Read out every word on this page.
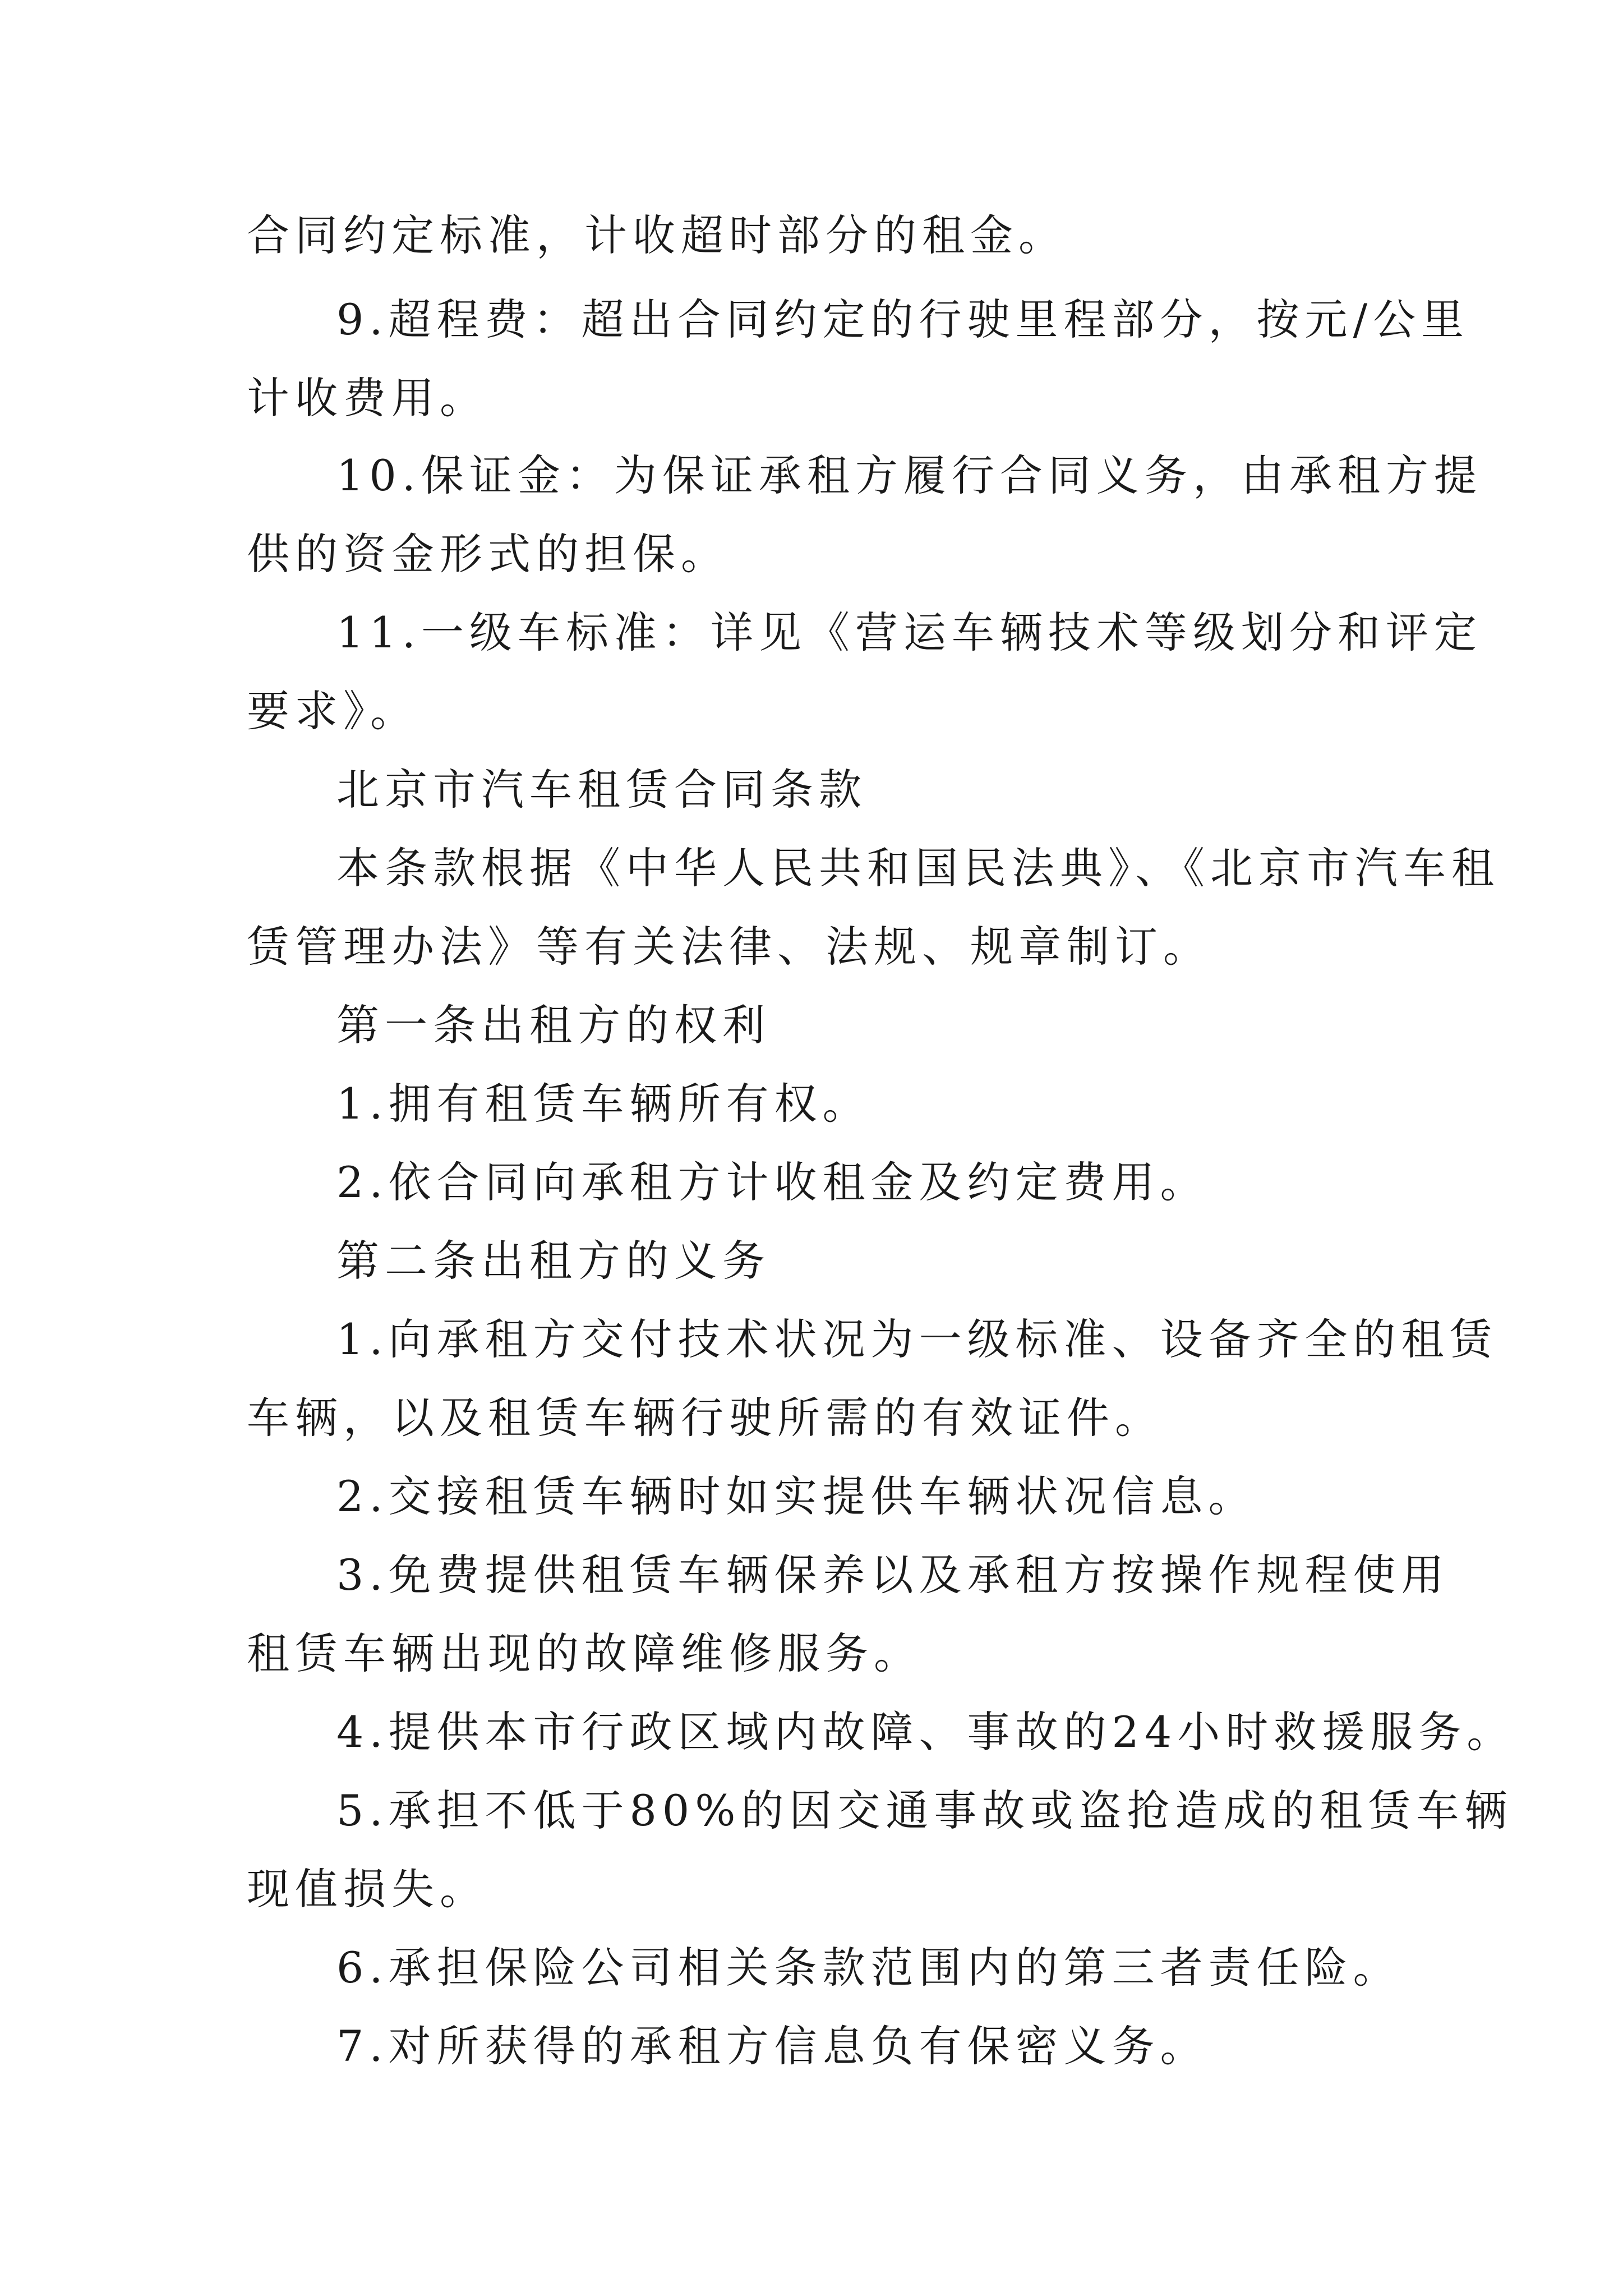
合同约定标准，计收超时部分的租金。

9.超程费：超出合同约定的行驶里程部分，按元/公里

计收费用。

10.保证金：为保证承租方履行合同义务，由承租方提

供的资金形式的担保。

11.一级车标准：详见《营运车辆技术等级划分和评定

要求》。

北京市汽车租赁合同条款

本条款根据《中华人民共和国民法典》、《北京市汽车租

赁管理办法》等有关法律、法规、规章制订。

第一条出租方的权利

1.拥有租赁车辆所有权。

2.依合同向承租方计收租金及约定费用。

第二条出租方的义务

1.向承租方交付技术状况为一级标准、设备齐全的租赁

车辆，以及租赁车辆行驶所需的有效证件。

2.交接租赁车辆时如实提供车辆状况信息。

3.免费提供租赁车辆保养以及承租方按操作规程使用

租赁车辆出现的故障维修服务。

4.提供本市行政区域内故障、事故的24小时救援服务。

5.承担不低于80%的因交通事故或盗抢造成的租赁车辆

现值损失。

6.承担保险公司相关条款范围内的第三者责任险。

7.对所获得的承租方信息负有保密义务。
